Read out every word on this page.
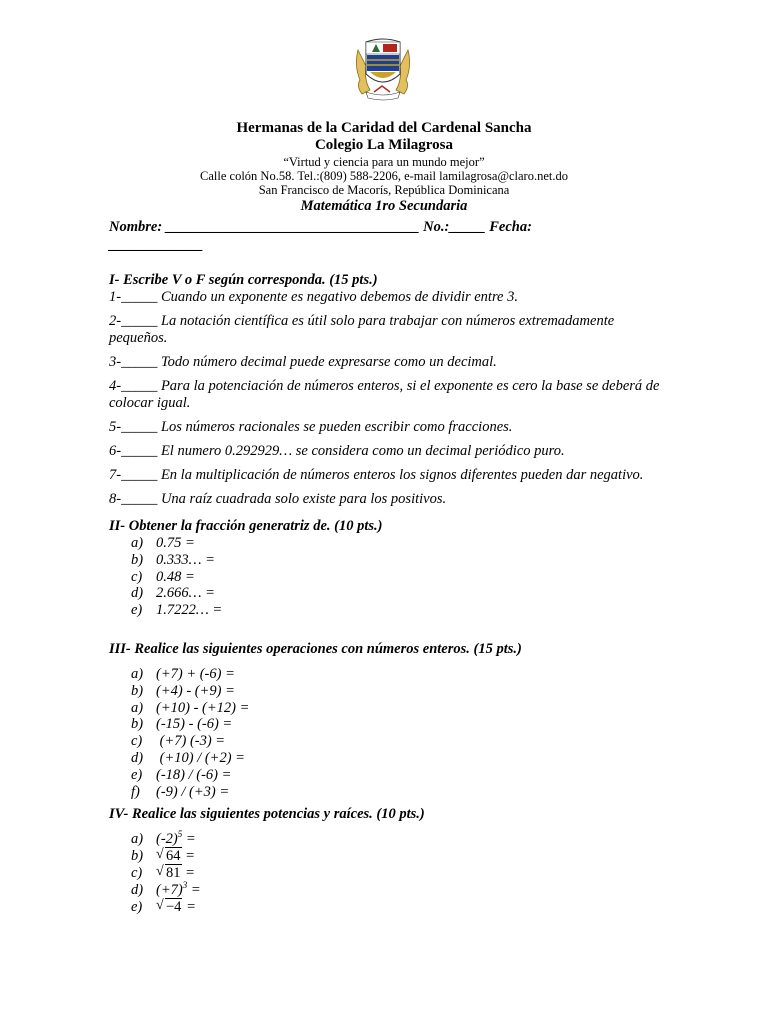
Hermanas de la Caridad del Cardenal Sancha
Colegio La Milagrosa
“Virtud y ciencia para un mundo mejor”
Calle colón No.58. Tel.:(809) 588-2206, e-mail lamilagrosa@claro.net.do
San Francisco de Macorís, República Dominicana
Matemática 1ro Secundaria
Nombre: ___________________________________ No.:_____ Fecha:
_____________
I- Escribe V o F según corresponda. (15 pts.)
1-_____ Cuando un exponente es negativo debemos de dividir entre 3.
2-_____ La notación científica es útil solo para trabajar con números extremadamente pequeños.
3-_____ Todo número decimal puede expresarse como un decimal.
4-_____ Para la potenciación de números enteros, si el exponente es cero la base se deberá de colocar igual.
5-_____ Los números racionales se pueden escribir como fracciones.
6-_____ El numero 0.292929… se considera como un decimal periódico puro.
7-_____ En la multiplicación de números enteros los signos diferentes pueden dar negativo.
8-_____ Una raíz cuadrada solo existe para los positivos.
II- Obtener la fracción generatriz de. (10 pts.)
a) 0.75 =
b) 0.333… =
c) 0.48 =
d) 2.666… =
e) 1.7222… =
III- Realice las siguientes operaciones con números enteros. (15 pts.)
a) (+7) + (-6) =
b) (+4) - (+9) =
a) (+10) - (+12) =
b) (-15) - (-6) =
c) (+7) (-3) =
d) (+10) / (+2) =
e) (-18) / (-6) =
f)	(-9) / (+3) =
IV- Realice las siguientes potencias y raíces. (10 pts.)
a) $(-2)^5$ =
b) √ 64 =
c) √ 81 =
d) $(+7)^3$ =
e) √ −4 =
